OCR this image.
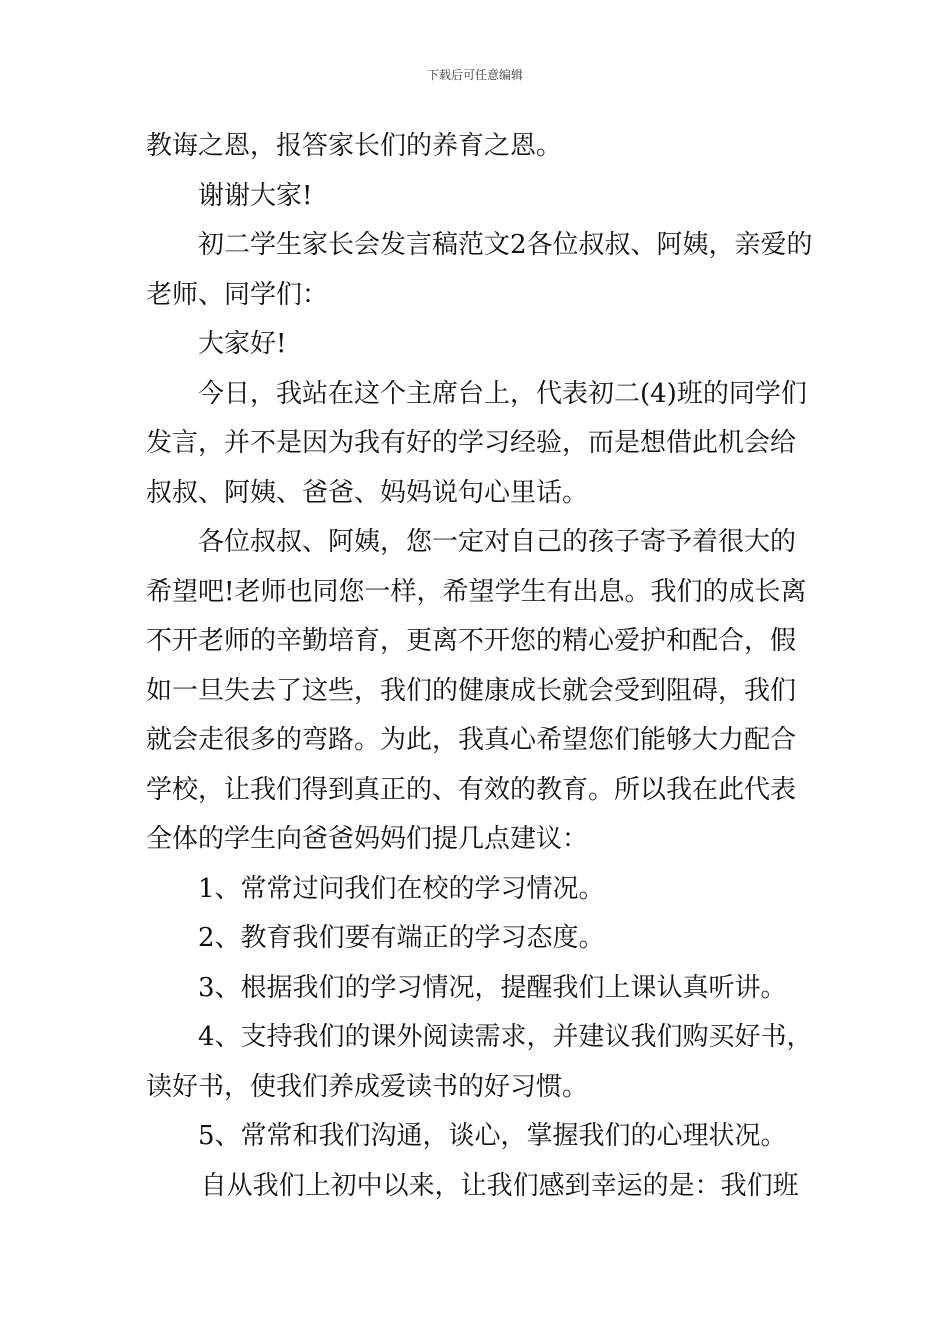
下载后可任意编辑

教诲之恩，报答家长们的养育之恩。

谢谢大家!

初二学生家长会发言稿范文2各位叔叔、阿姨，亲爱的老师、同学们：

大家好!

今日，我站在这个主席台上，代表初二(4)班的同学们发言，并不是因为我有好的学习经验，而是想借此机会给叔叔、阿姨、爸爸、妈妈说句心里话。

各位叔叔、阿姨，您一定对自己的孩子寄予着很大的希望吧!老师也同您一样，希望学生有出息。我们的成长离不开老师的辛勤培育，更离不开您的精心爱护和配合，假如一旦失去了这些，我们的健康成长就会受到阻碍，我们就会走很多的弯路。为此，我真心希望您们能够大力配合学校，让我们得到真正的、有效的教育。所以我在此代表全体的学生向爸爸妈妈们提几点建议：

1、常常过问我们在校的学习情况。

2、教育我们要有端正的学习态度。

3、根据我们的学习情况，提醒我们上课认真听讲。

4、支持我们的课外阅读需求，并建议我们购买好书，读好书，使我们养成爱读书的好习惯。

5、常常和我们沟通，谈心，掌握我们的心理状况。

自从我们上初中以来，让我们感到幸运的是：我们班
